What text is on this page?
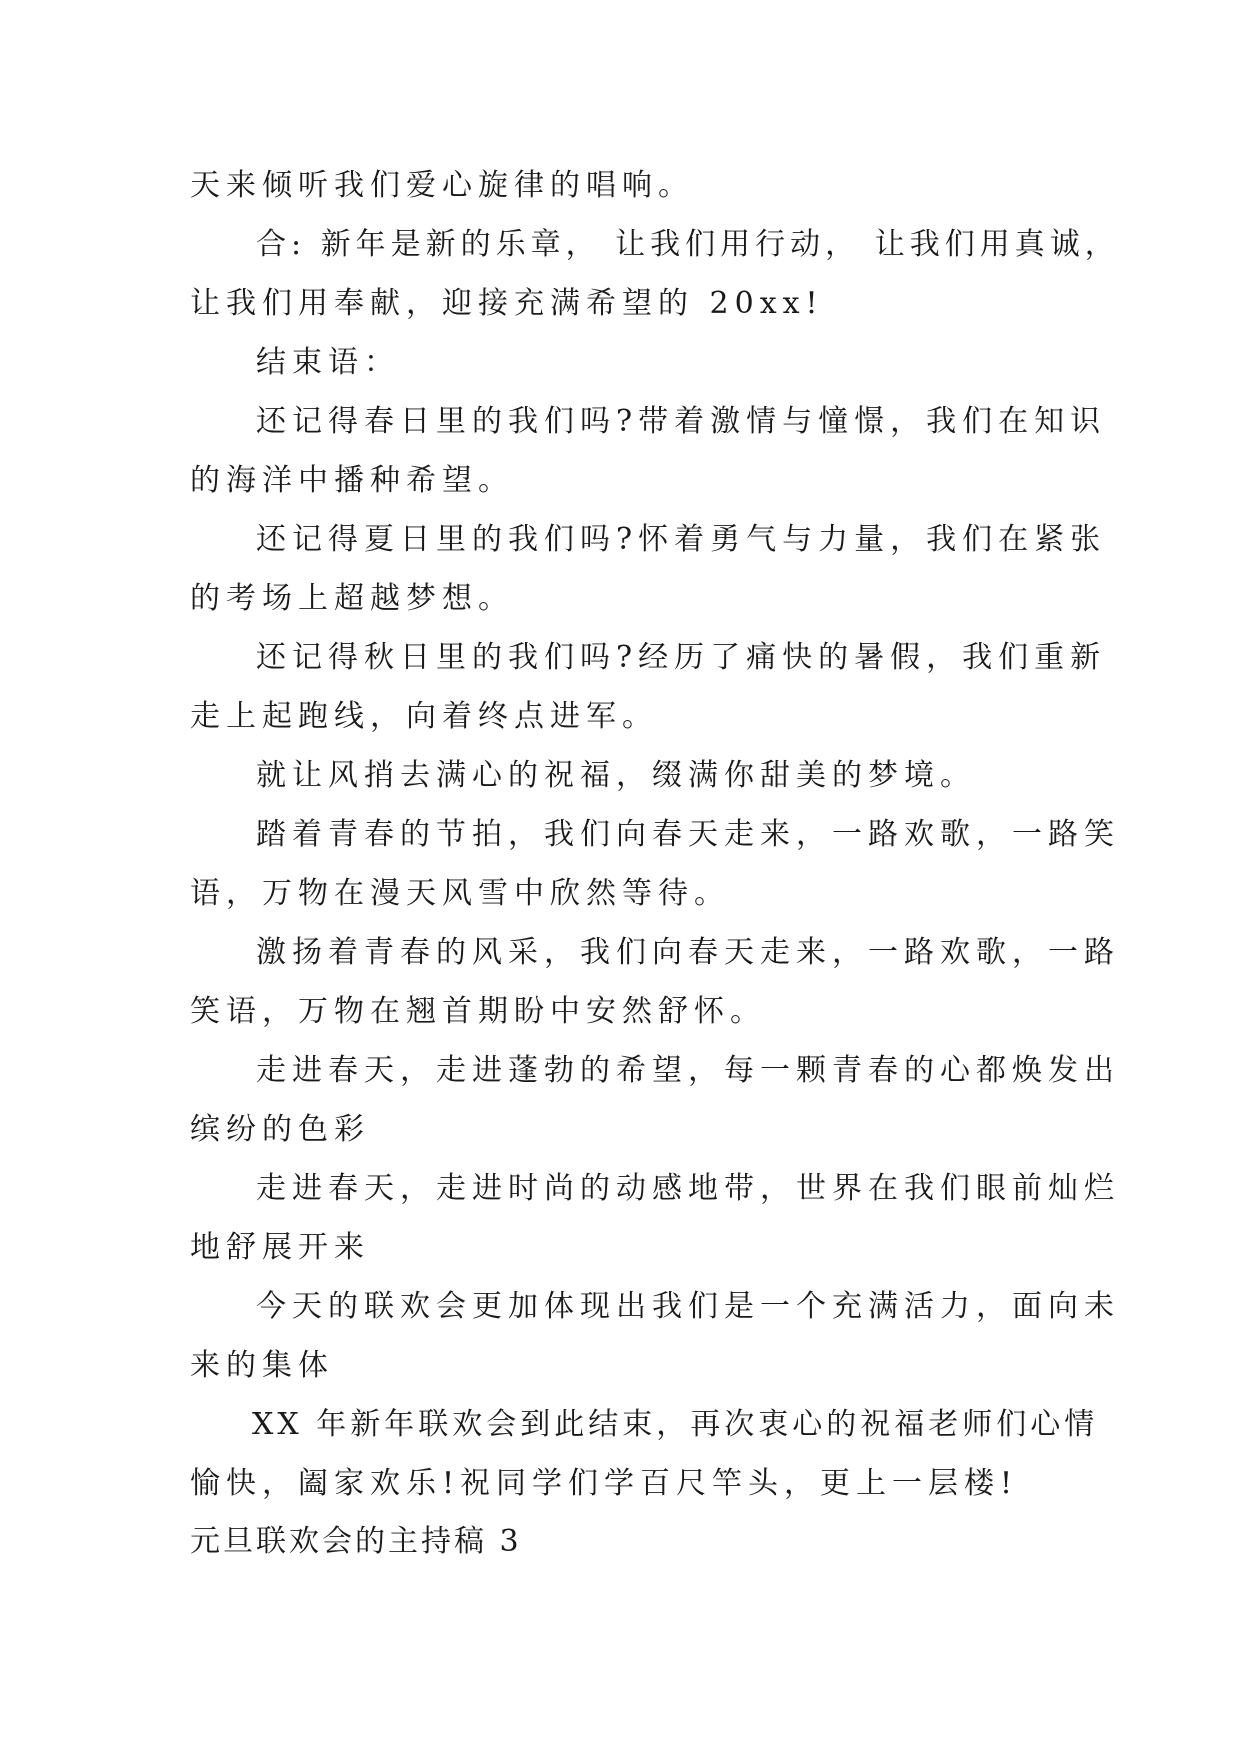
天来倾听我们爱心旋律的唱响。
合: 新年是新的乐章， 让我们用行动， 让我们用真诚，
让我们用奉献，迎接充满希望的 20xx!
结束语：
还记得春日里的我们吗?带着激情与憧憬，我们在知识
的海洋中播种希望。
还记得夏日里的我们吗?怀着勇气与力量，我们在紧张
的考场上超越梦想。
还记得秋日里的我们吗?经历了痛快的暑假，我们重新
走上起跑线，向着终点进军。
就让风捎去满心的祝福，缀满你甜美的梦境。
踏着青春的节拍，我们向春天走来，一路欢歌，一路笑
语，万物在漫天风雪中欣然等待。
激扬着青春的风采，我们向春天走来，一路欢歌，一路
笑语，万物在翘首期盼中安然舒怀。
走进春天，走进蓬勃的希望，每一颗青春的心都焕发出
缤纷的色彩
走进春天，走进时尚的动感地带，世界在我们眼前灿烂
地舒展开来
今天的联欢会更加体现出我们是一个充满活力，面向未
来的集体
XX 年新年联欢会到此结束，再次衷心的祝福老师们心情
愉快，阖家欢乐!祝同学们学百尺竿头，更上一层楼!
元旦联欢会的主持稿 3
